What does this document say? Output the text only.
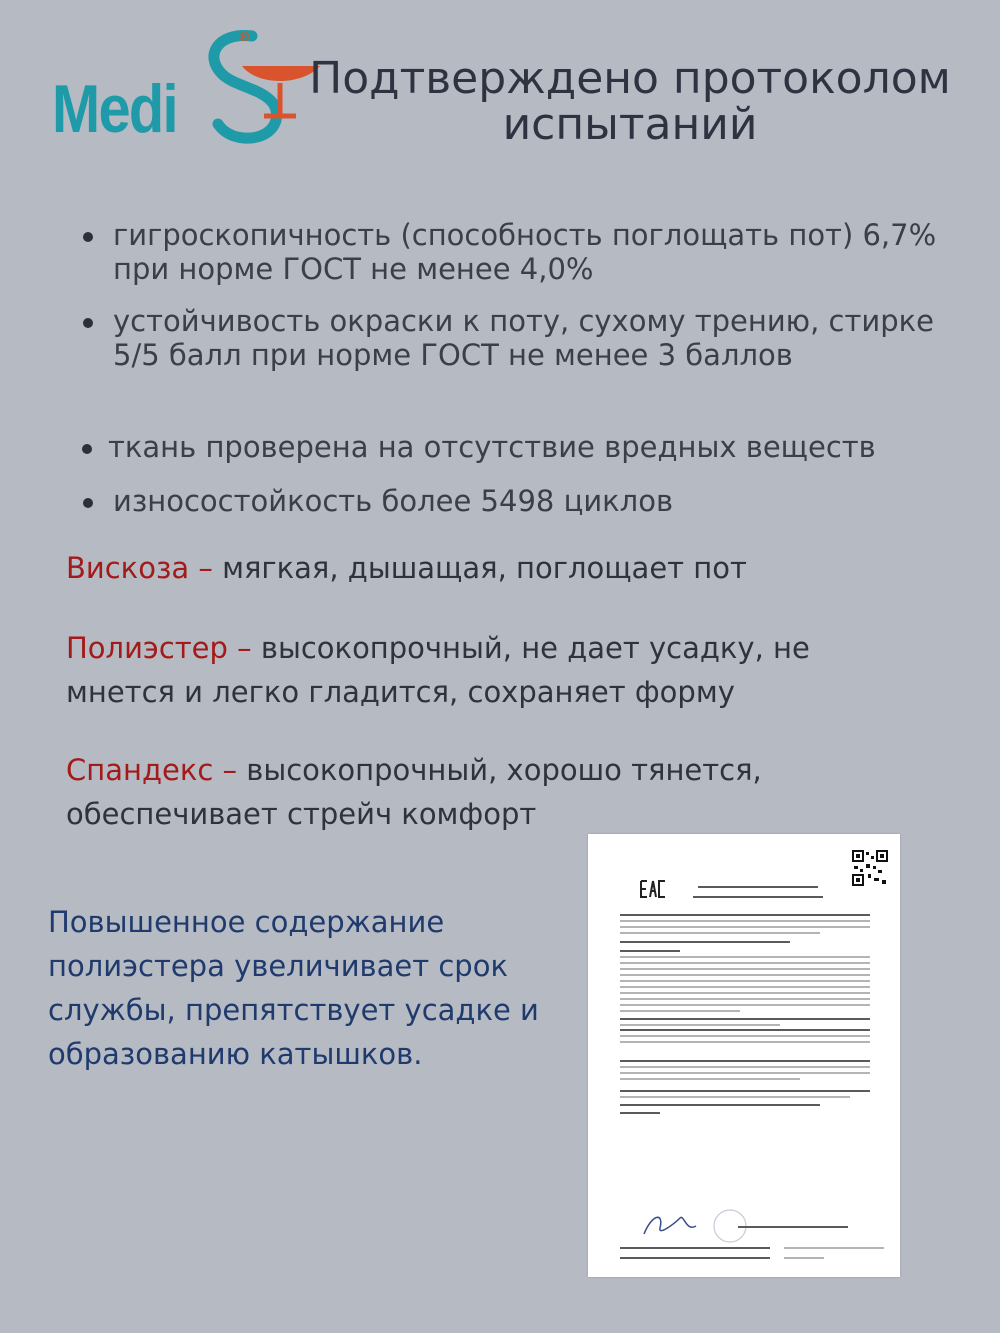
Medi
®
Подтверждено протоколом
испытаний
гигроскопичность (способность поглощать пот) 6,7%
при норме ГОСТ не менее 4,0%
устойчивость окраски к поту, сухому трению, стирке
5/5 балл при норме ГОСТ не менее 3 баллов
ткань проверена на отсутствие вредных веществ
износостойкость более 5498 циклов
Вискоза – мягкая, дышащая, поглощает пот
Полиэстер – высокопрочный, не дает усадку, не
мнется и легко гладится, сохраняет форму
Спандекс – высокопрочный, хорошо тянется,
обеспечивает стрейч комфорт
Повышенное содержание
полиэстера увеличивает срок
службы, препятствует усадке и
образованию катышков.
